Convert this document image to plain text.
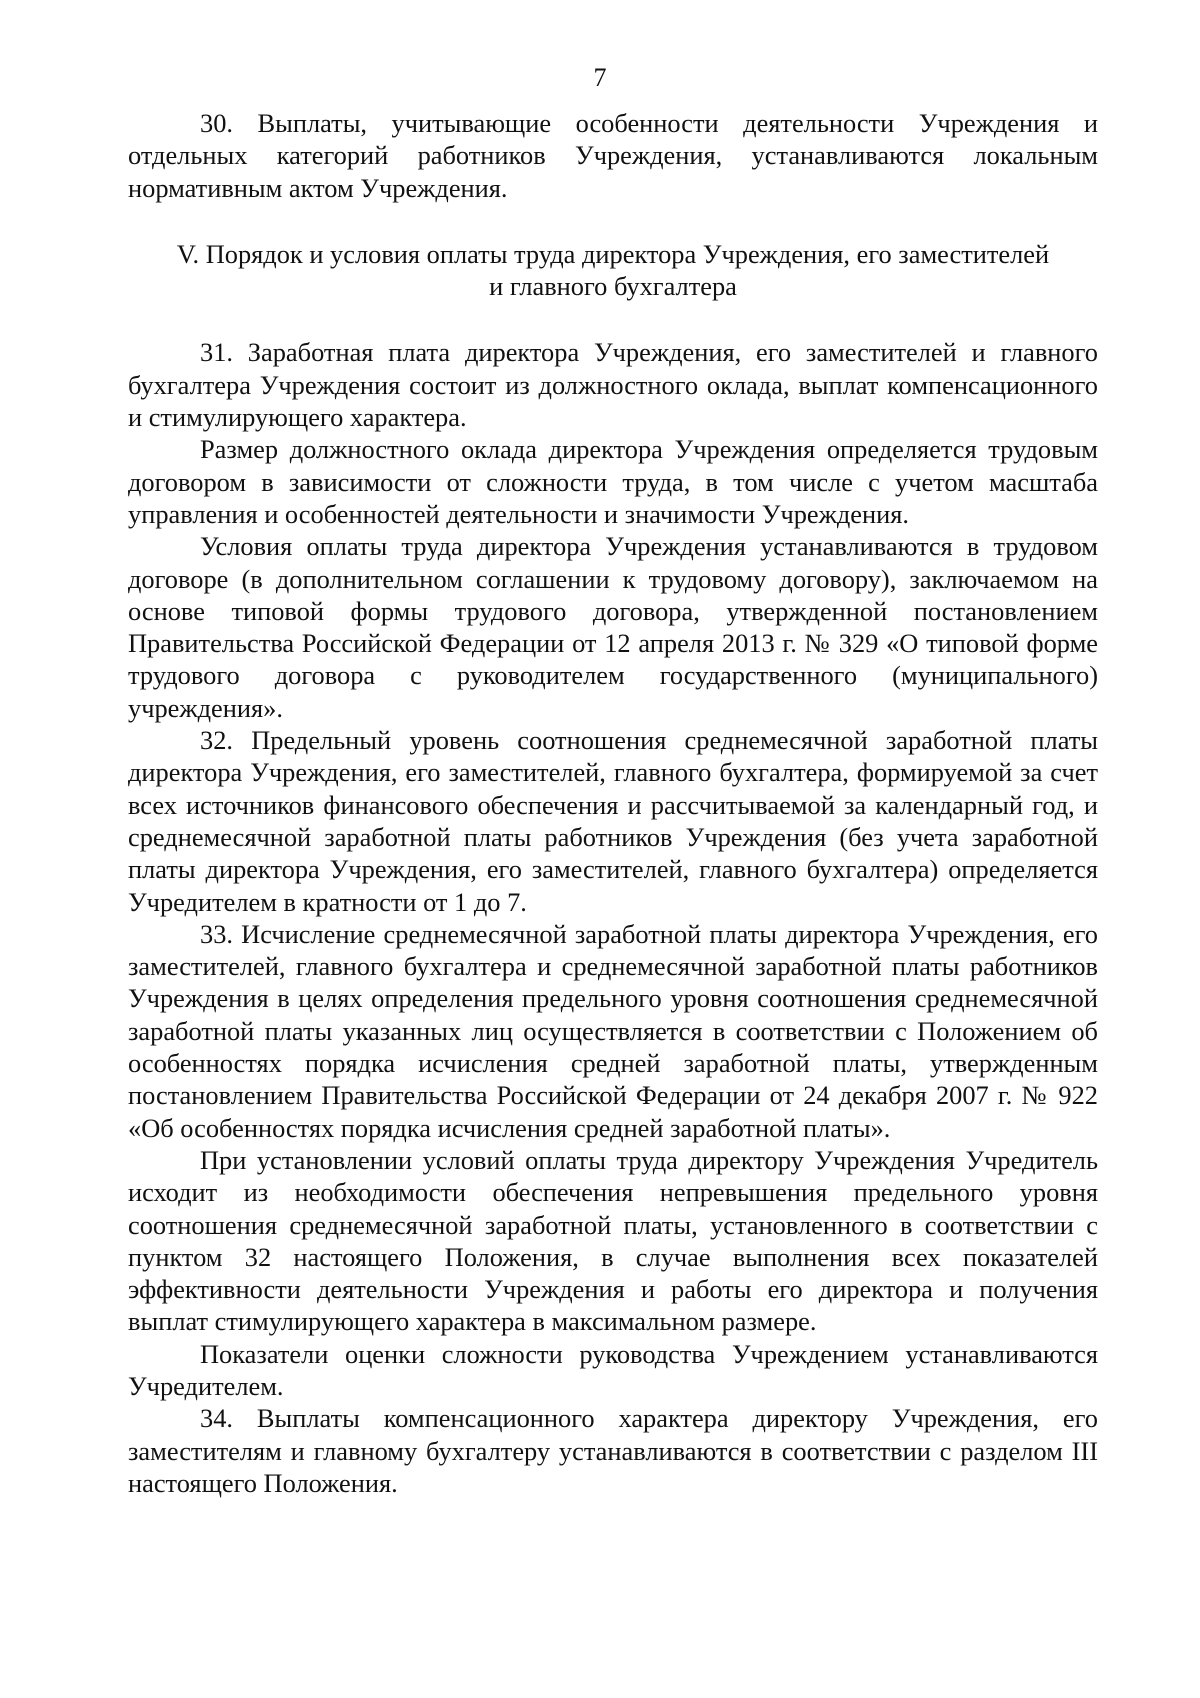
7

30. Выплаты, учитывающие особенности деятельности Учреждения и отдельных категорий работников Учреждения, устанавливаются локальным нормативным актом Учреждения.

V. Порядок и условия оплаты труда директора Учреждения, его заместителей
и главного бухгалтера

31. Заработная плата директора Учреждения, его заместителей и главного бухгалтера Учреждения состоит из должностного оклада, выплат компенсационного и стимулирующего характера.

Размер должностного оклада директора Учреждения определяется трудовым договором в зависимости от сложности труда, в том числе с учетом масштаба управления и особенностей деятельности и значимости Учреждения.

Условия оплаты труда директора Учреждения устанавливаются в трудовом договоре (в дополнительном соглашении к трудовому договору), заключаемом на основе типовой формы трудового договора, утвержденной постановлением Правительства Российской Федерации от 12 апреля 2013 г. № 329 «О типовой форме трудового договора с руководителем государственного (муниципального) учреждения».

32. Предельный уровень соотношения среднемесячной заработной платы директора Учреждения, его заместителей, главного бухгалтера, формируемой за счет всех источников финансового обеспечения и рассчитываемой за календарный год, и среднемесячной заработной платы работников Учреждения (без учета заработной платы директора Учреждения, его заместителей, главного бухгалтера) определяется Учредителем в кратности от 1 до 7.

33. Исчисление среднемесячной заработной платы директора Учреждения, его заместителей, главного бухгалтера и среднемесячной заработной платы работников Учреждения в целях определения предельного уровня соотношения среднемесячной заработной платы указанных лиц осуществляется в соответствии с Положением об особенностях порядка исчисления средней заработной платы, утвержденным постановлением Правительства Российской Федерации от 24 декабря 2007 г. № 922 «Об особенностях порядка исчисления средней заработной платы».

При установлении условий оплаты труда директору Учреждения Учредитель исходит из необходимости обеспечения непревышения предельного уровня соотношения среднемесячной заработной платы, установленного в соответствии с пунктом 32 настоящего Положения, в случае выполнения всех показателей эффективности деятельности Учреждения и работы его директора и получения выплат стимулирующего характера в максимальном размере.

Показатели оценки сложности руководства Учреждением устанавливаются Учредителем.

34. Выплаты компенсационного характера директору Учреждения, его заместителям и главному бухгалтеру устанавливаются в соответствии с разделом III настоящего Положения.
